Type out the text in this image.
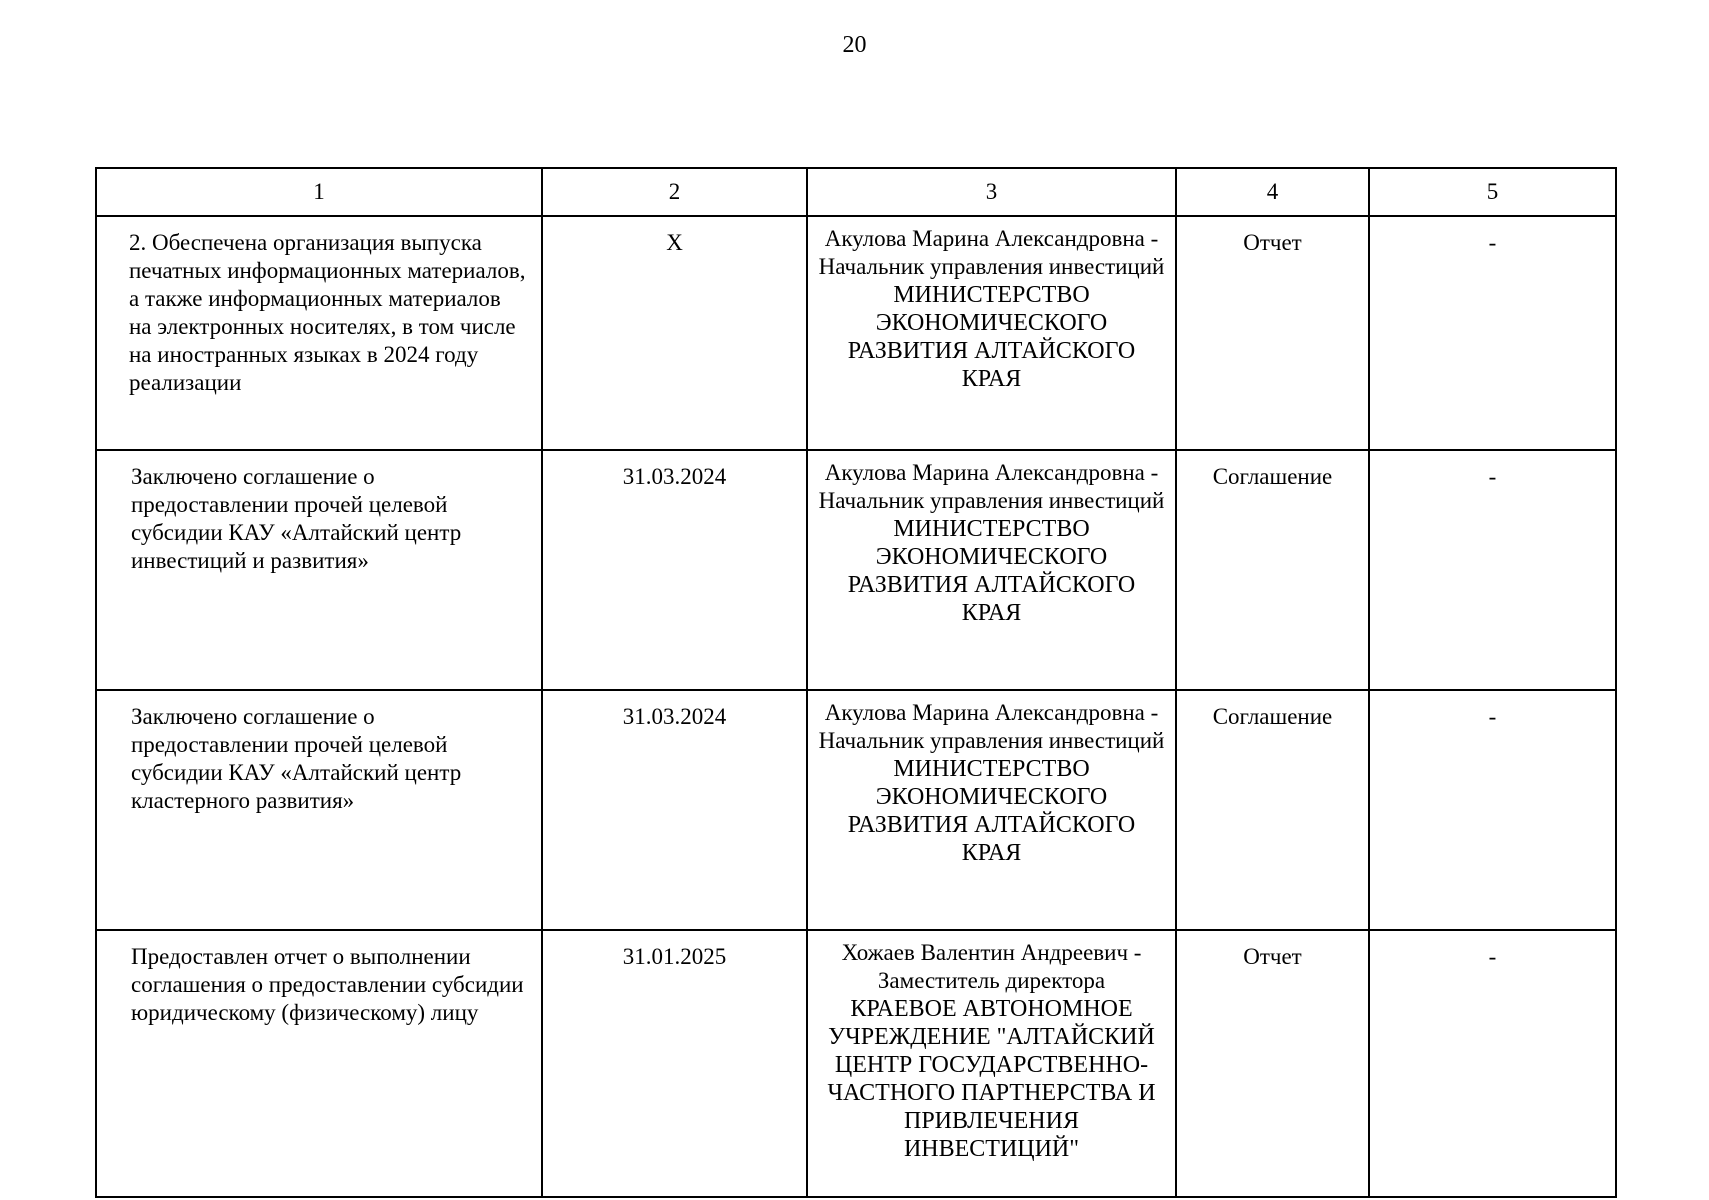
20
1	2	3	4	5
2. Обеспечена организация выпуска печатных информационных материалов, а также информационных материалов на электронных носителях, в том числе на иностранных языках в 2024 году реализации	X	Акулова Марина Александровна - Начальник управления инвестиций
МИНИСТЕРСТВО ЭКОНОМИЧЕСКОГО РАЗВИТИЯ АЛТАЙСКОГО КРАЯ	Отчет	-
Заключено соглашение о предоставлении прочей целевой субсидии КАУ «Алтайский центр инвестиций и развития»	31.03.2024	Акулова Марина Александровна - Начальник управления инвестиций
МИНИСТЕРСТВО ЭКОНОМИЧЕСКОГО РАЗВИТИЯ АЛТАЙСКОГО КРАЯ	Соглашение	-
Заключено соглашение о предоставлении прочей целевой субсидии КАУ «Алтайский центр кластерного развития»	31.03.2024	Акулова Марина Александровна - Начальник управления инвестиций
МИНИСТЕРСТВО ЭКОНОМИЧЕСКОГО РАЗВИТИЯ АЛТАЙСКОГО КРАЯ	Соглашение	-
Предоставлен отчет о выполнении соглашения о предоставлении субсидии юридическому (физическому) лицу	31.01.2025	Хожаев Валентин Андреевич - Заместитель директора
КРАЕВОЕ АВТОНОМНОЕ УЧРЕЖДЕНИЕ "АЛТАЙСКИЙ ЦЕНТР ГОСУДАРСТВЕННО-ЧАСТНОГО ПАРТНЕРСТВА И ПРИВЛЕЧЕНИЯ ИНВЕСТИЦИЙ"	Отчет	-
